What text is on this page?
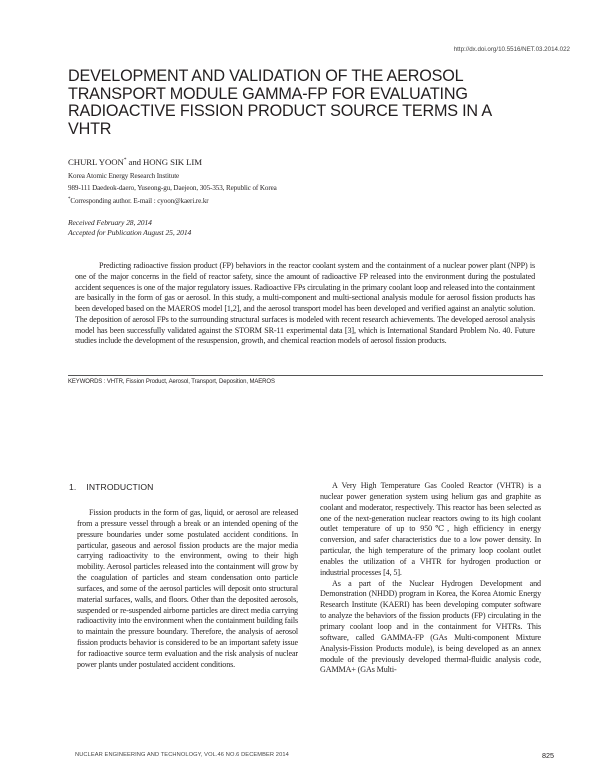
http://dx.doi.org/10.5516/NET.03.2014.022
DEVELOPMENT AND VALIDATION OF THE AEROSOL
TRANSPORT MODULE GAMMA-FP FOR EVALUATING
RADIOACTIVE FISSION PRODUCT SOURCE TERMS IN A
VHTR
CHURL YOON* and HONG SIK LIM
Korea Atomic Energy Research Institute
989-111 Daedeok-daero, Yuseong-gu, Daejeon, 305-353, Republic of Korea
*Corresponding author. E-mail : cyoon@kaeri.re.kr
Received February 28, 2014
Accepted for Publication August 25, 2014

Predicting radioactive fission product (FP) behaviors in the reactor coolant system and the containment of a nuclear power plant (NPP) is one of the major concerns in the field of reactor safety, since the amount of radioactive FP released into the environment during the postulated accident sequences is one of the major regulatory issues. Radioactive FPs circulating in the primary coolant loop and released into the containment are basically in the form of gas or aerosol. In this study, a multi-component and multi-sectional analysis module for aerosol fission products has been developed based on the MAEROS model [1,2], and the aerosol transport model has been developed and verified against an analytic solution. The deposition of aerosol FPs to the surrounding structural surfaces is modeled with recent research achievements. The developed aerosol analysis model has been successfully validated against the STORM SR-11 experimental data [3], which is International Standard Problem No. 40. Future studies include the development of the resuspension, growth, and chemical reaction models of aerosol fission products.

KEYWORDS : VHTR, Fission Product, Aerosol, Transport, Deposition, MAEROS
1. INTRODUCTION

Fission products in the form of gas, liquid, or aerosol are released from a pressure vessel through a break or an intended opening of the pressure boundaries under some postulated accident conditions. In particular, gaseous and aerosol fission products are the major media carrying radioactivity to the environment, owing to their high mobility. Aerosol particles released into the containment will grow by the coagulation of particles and steam condensation onto particle surfaces, and some of the aerosol particles will deposit onto structural material surfaces, walls, and floors. Other than the deposited aerosols, suspended or re-suspended airborne particles are direct media carrying radioactivity into the environment when the containment building fails to maintain the pressure boundary. Therefore, the analysis of aerosol fission products behavior is considered to be an important safety issue for radioactive source term evaluation and the risk analysis of nuclear power plants under postulated accident conditions.

A Very High Temperature Gas Cooled Reactor (VHTR) is a nuclear power generation system using helium gas and graphite as coolant and moderator, respectively. This reactor has been selected as one of the next-generation nuclear reactors owing to its high coolant outlet temperature of up to 950℃, high efficiency in energy conversion, and safer characteristics due to a low power density. In particular, the high temperature of the primary loop coolant outlet enables the utilization of a VHTR for hydrogen production or industrial processes [4, 5].

As a part of the Nuclear Hydrogen Development and Demonstration (NHDD) program in Korea, the Korea Atomic Energy Research Institute (KAERI) has been developing computer software to analyze the behaviors of the fission products (FP) circulating in the primary coolant loop and in the containment for VHTRs. This software, called GAMMA-FP (GAs Multi-component Mixture Analysis-Fission Products module), is being developed as an annex module of the previously developed thermal-fluidic analysis code, GAMMA+ (GAs Multi-

NUCLEAR ENGINEERING AND TECHNOLOGY, VOL.46 NO.6 DECEMBER 2014	825
